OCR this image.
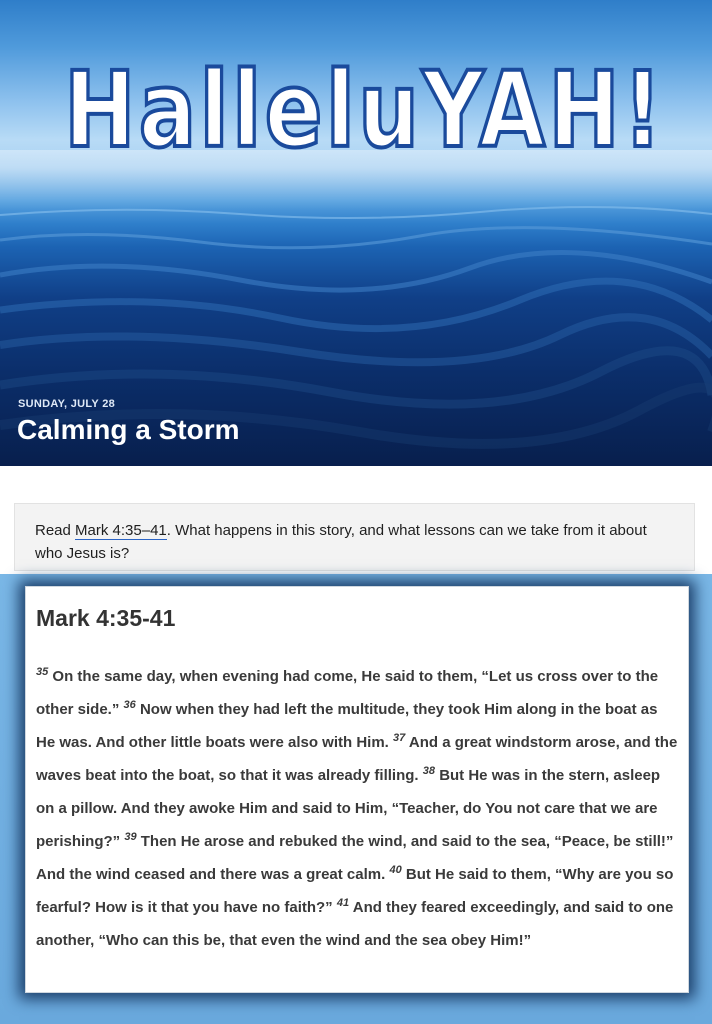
HalleluYAH!
SUNDAY, JULY 28
Calming a Storm
Read Mark 4:35–41. What happens in this story, and what lessons can we take from it about who Jesus is?
Mark 4:35-41
$^{35}$ On the same day, when evening had come, He said to them, “Let us cross over to the other side.” $^{36}$ Now when they had left the multitude, they took Him along in the boat as He was. And other little boats were also with Him. $^{37}$ And a great windstorm arose, and the waves beat into the boat, so that it was already filling. $^{38}$ But He was in the stern, asleep on a pillow. And they awoke Him and said to Him, “Teacher, do You not care that we are perishing?” $^{39}$ Then He arose and rebuked the wind, and said to the sea, “Peace, be still!” And the wind ceased and there was a great calm. $^{40}$ But He said to them, “Why are you so fearful? How is it that you have no faith?” $^{41}$ And they feared exceedingly, and said to one another, “Who can this be, that even the wind and the sea obey Him!”
